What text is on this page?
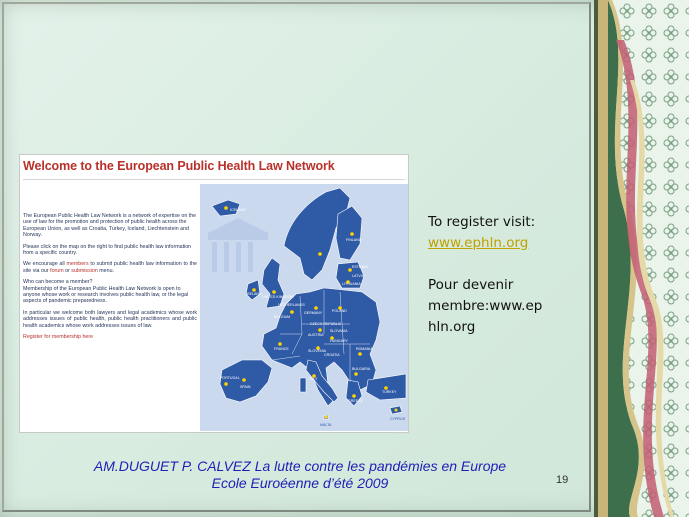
Welcome to the European Public Health Law Network

The European Public Health Law Network is a network of expertise on the use of law for the promotion and protection of public health across the European Union, as well as Croatia, Turkey, Iceland, Liechtenstein and Norway.

Please click on the map on the right to find public health law information from a specific country.

We encourage all members to submit public health law information to the site via our forum or submission menu.

Who can become a member?
Membership of the European Public Health Law Network is open to anyone whose work or research involves public health law, or the legal aspects of pandemic preparedness.

In particular we welcome both lawyers and legal academics whose work addresses issues of public health, public health practitioners and public health academics whose work addresses issues of law.

Register for membership here

ICELAND
FINLAND
ESTONIA
LATVIA
LITHUANIA
NETHERLANDS
UNITED KINGDOM
IRELAND
BELGIUM
GERMANY	POLAND
CZECH REPUBLIC
SLOVAKIA
AUSTRIA
HUNGARY
FRANCE	SLOVENIA
CROATIA
ROMANIA
BULGARIA
ITALY
SPAIN
PORTUGAL
GREECE
TURKEY
MALTA
CYPRUS
To register visit:
www.ephln.org
Pour devenir
membre:www.ep
hln.org
AM.DUGUET P. CALVEZ La lutte contre les pandémies en Europe
Ecole Euroéenne d’été 2009	19
